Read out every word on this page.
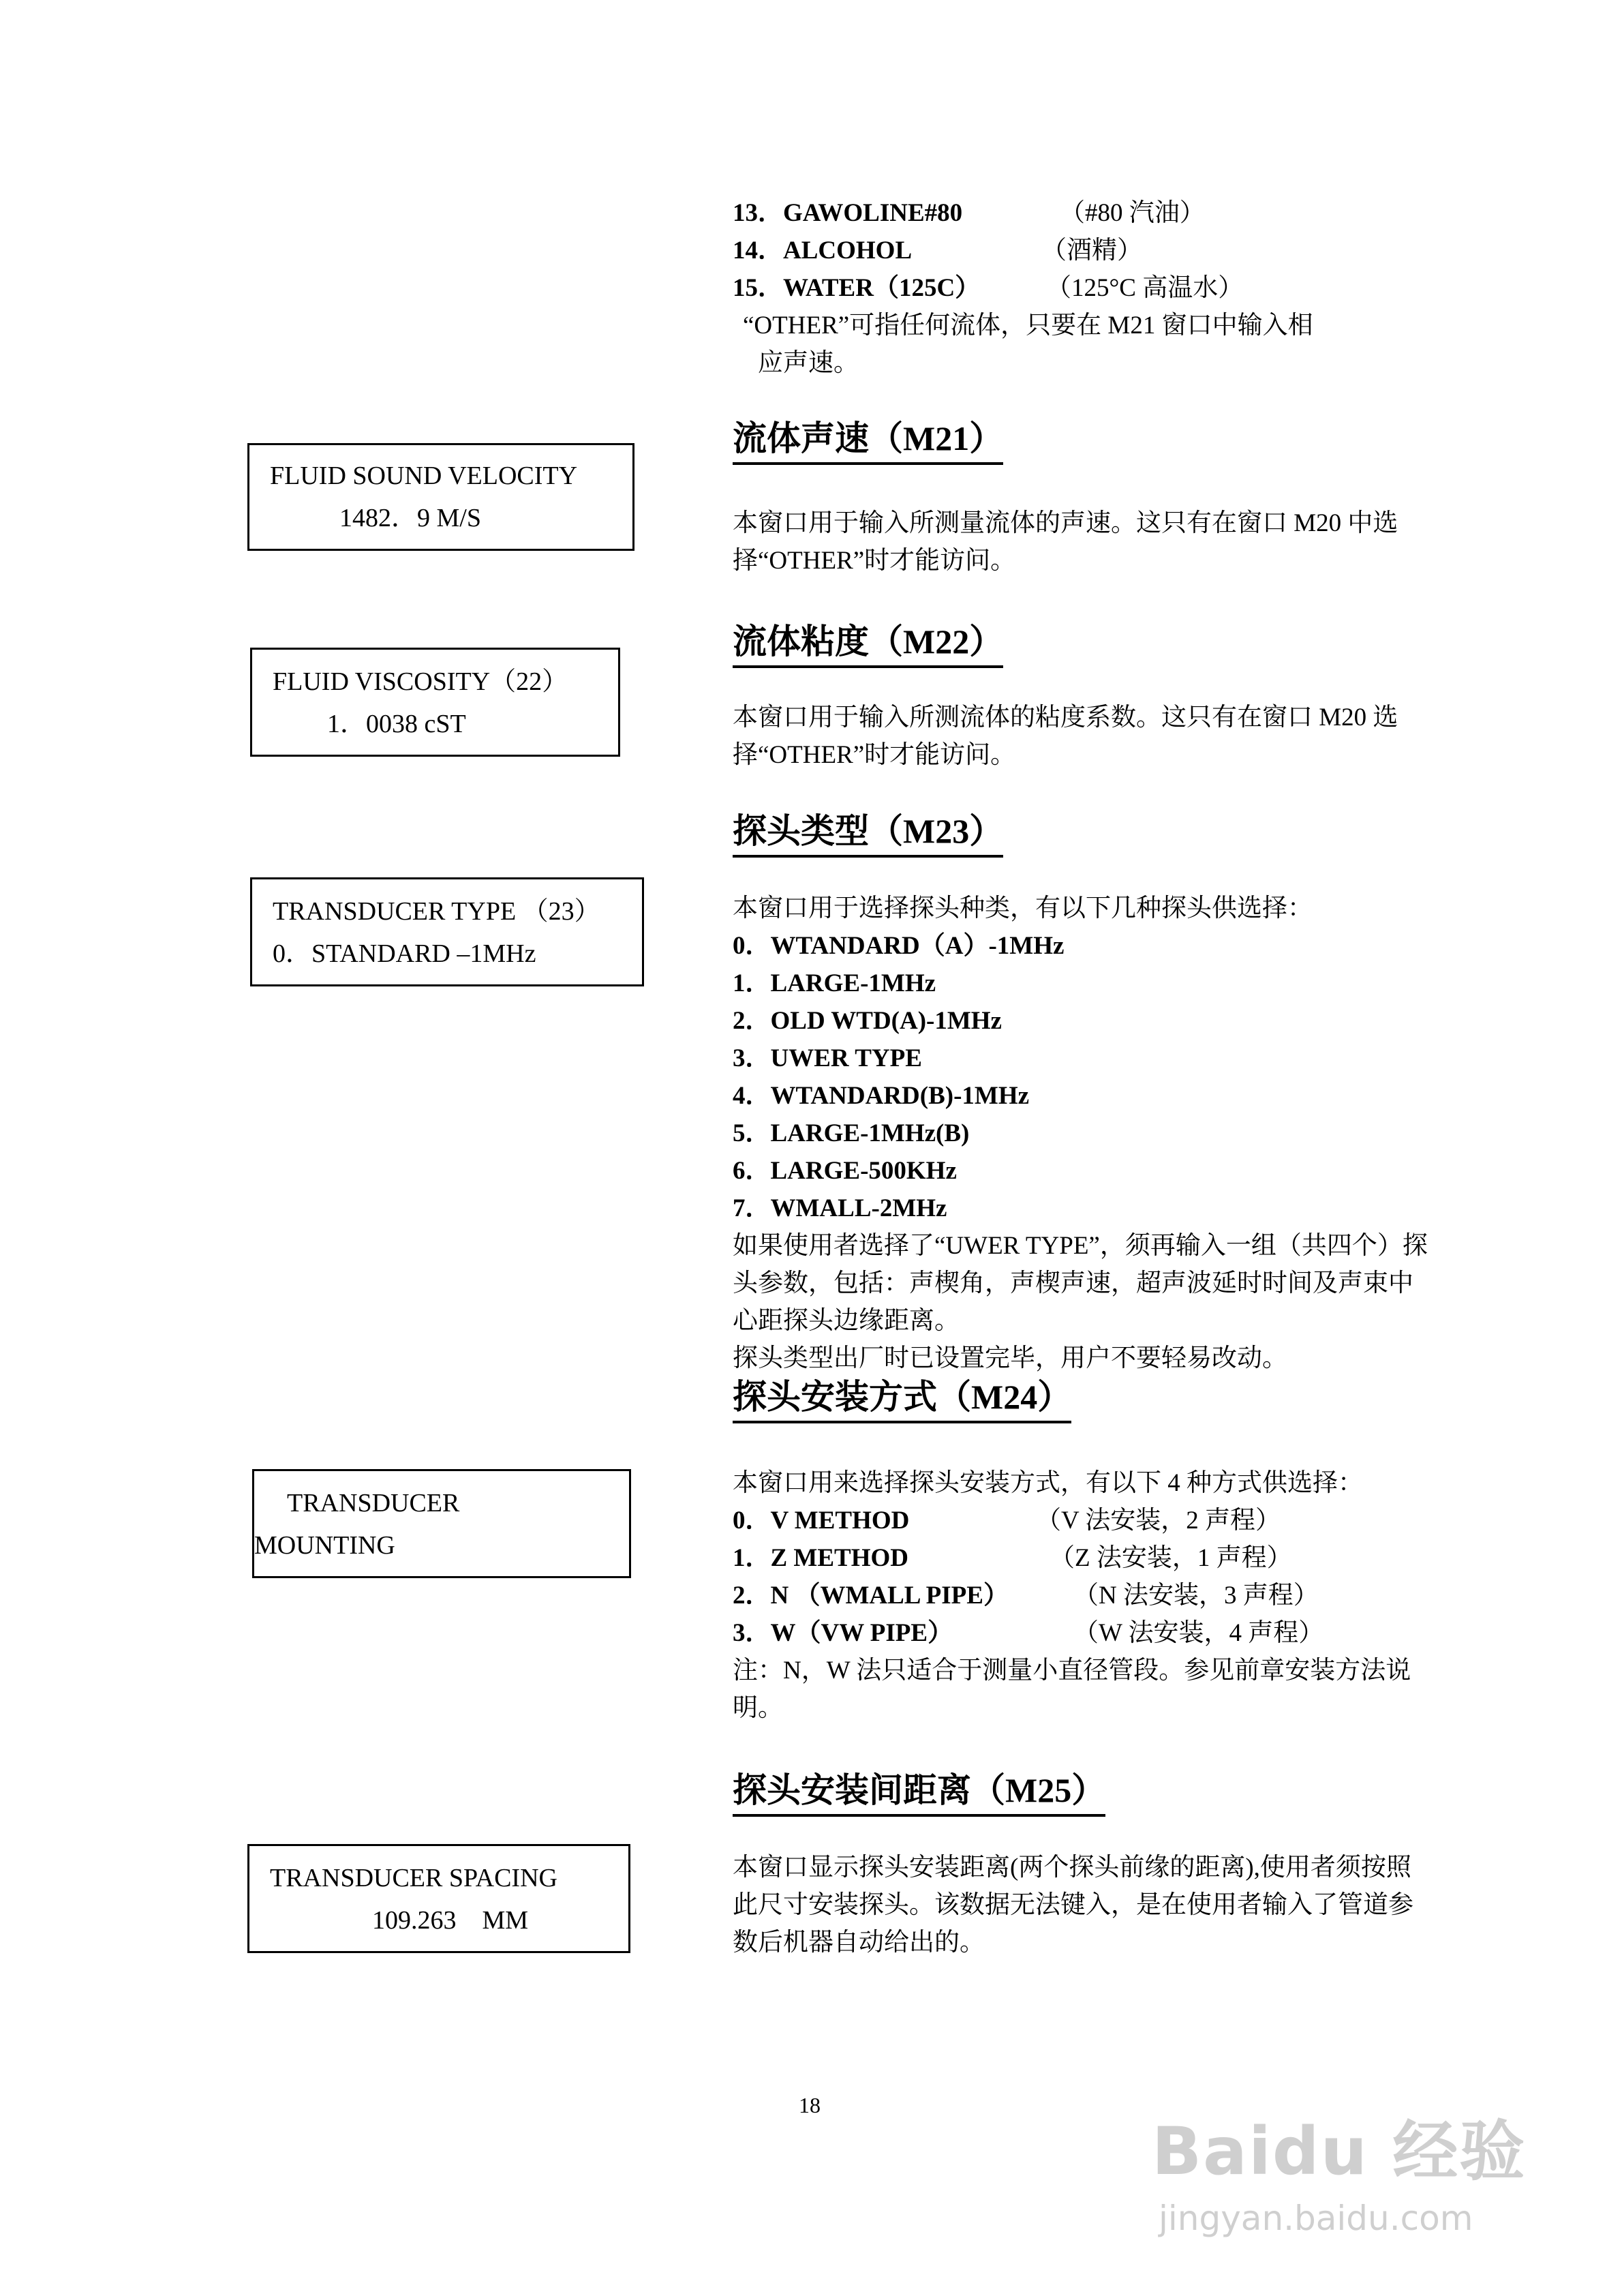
13．GAWOLINE#80	（#80 汽油）
14．ALCOHOL	（酒精）
15．WATER（125C）	（125°C 高温水）
“OTHER”可指任何流体，只要在 M21 窗口中输入相
应声速。
流体声速（M21）
本窗口用于输入所测量流体的声速。这只有在窗口 M20 中选择“OTHER”时才能访问。
FLUID SOUND VELOCITY
1482．9 M/S
流体粘度（M22）
本窗口用于输入所测流体的粘度系数。这只有在窗口 M20 选择“OTHER”时才能访问。
FLUID VISCOSITY（22）
1．0038 cST
探头类型（M23）
本窗口用于选择探头种类，有以下几种探头供选择：
0．WTANDARD（A）-1MHz
1．LARGE-1MHz
2．OLD WTD(A)-1MHz
3．UWER TYPE
4．WTANDARD(B)-1MHz
5．LARGE-1MHz(B)
6．LARGE-500KHz
7．WMALL-2MHz
如果使用者选择了“UWER TYPE”，须再输入一组（共四个）探头参数，包括：声楔角，声楔声速，超声波延时时间及声束中心距探头边缘距离。
探头类型出厂时已设置完毕，用户不要轻易改动。
TRANSDUCER TYPE （23）
0．STANDARD –1MHz
探头安装方式（M24）
本窗口用来选择探头安装方式，有以下 4 种方式供选择：
0．V METHOD	（V 法安装，2 声程）
1．Z METHOD	（Z 法安装，1 声程）
2．N （WMALL PIPE）	（N 法安装，3 声程）
3．W（VW PIPE）	（W 法安装，4 声程）
注：N，W 法只适合于测量小直径管段。参见前章安装方法说明。
TRANSDUCER
MOUNTING
探头安装间距离（M25）
本窗口显示探头安装距离(两个探头前缘的距离),使用者须按照此尺寸安装探头。该数据无法键入，是在使用者输入了管道参数后机器自动给出的。
TRANSDUCER SPACING
109.263    MM
18
Baidu 经验
jingyan.baidu.com
